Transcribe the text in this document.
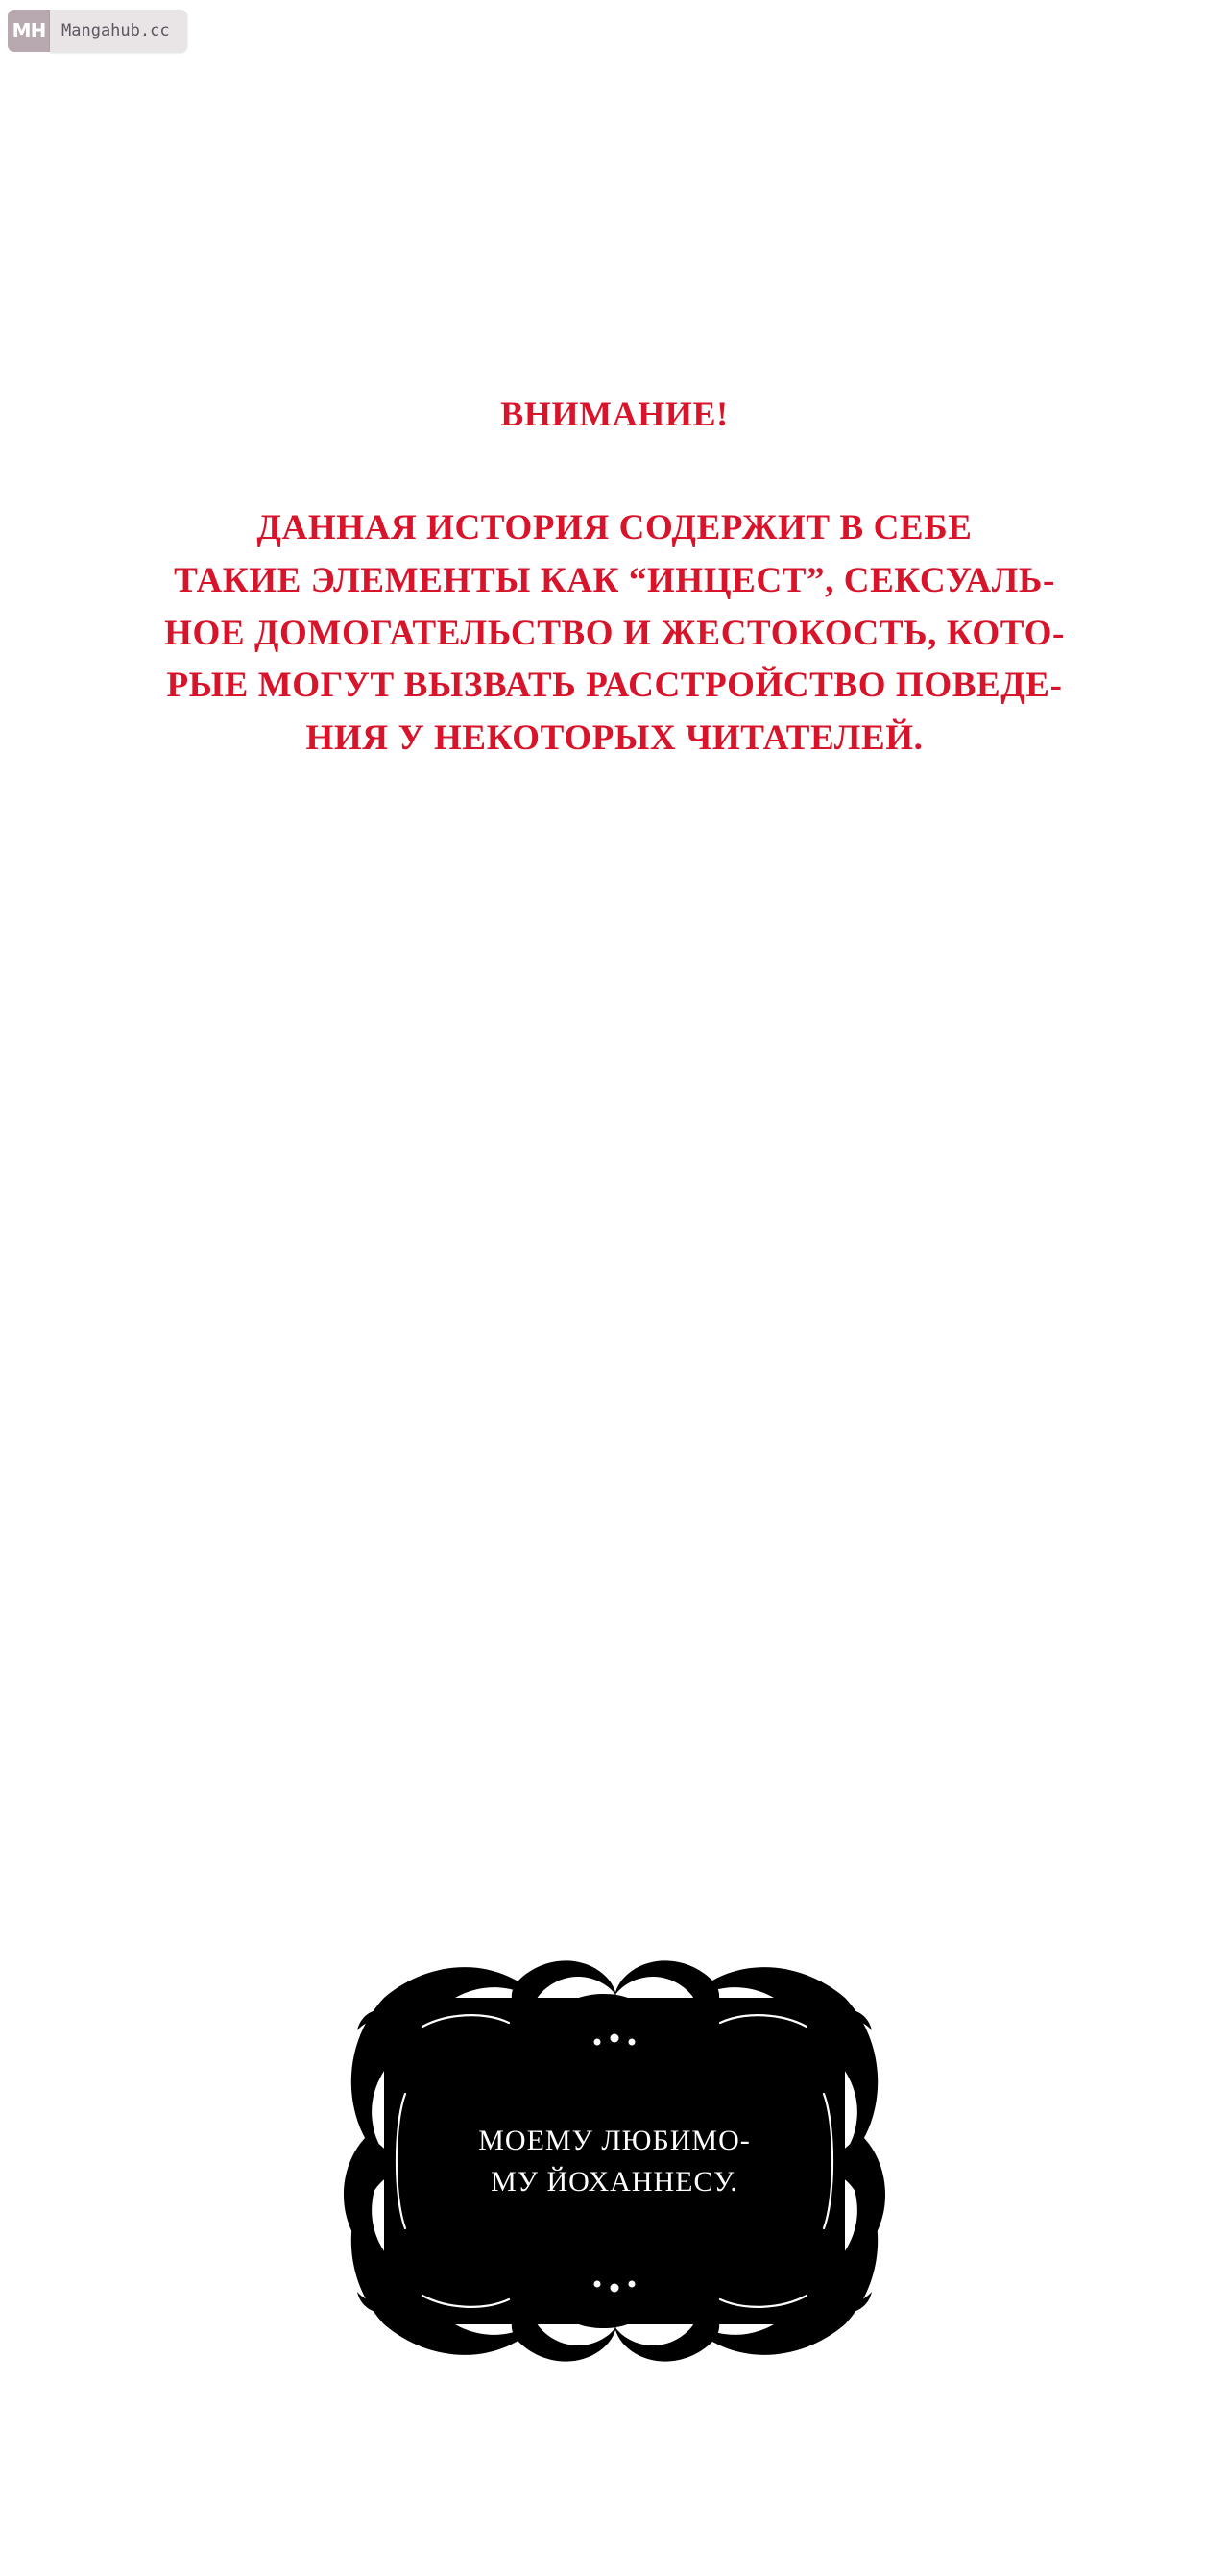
MH Mangahub.cc
ВНИМАНИЕ!
ДАННАЯ ИСТОРИЯ СОДЕРЖИТ В СЕБЕ
ТАКИЕ ЭЛЕМЕНТЫ КАК “ИНЦЕСТ”, СЕКСУАЛЬ-
НОЕ ДОМОГАТЕЛЬСТВО И ЖЕСТОКОСТЬ, КОТО-
РЫЕ МОГУТ ВЫЗВАТЬ РАССТРОЙСТВО ПОВЕДЕ-
НИЯ У НЕКОТОРЫХ ЧИТАТЕЛЕЙ.
МОЕМУ ЛЮБИМО-
МУ ЙОХАННЕСУ.
